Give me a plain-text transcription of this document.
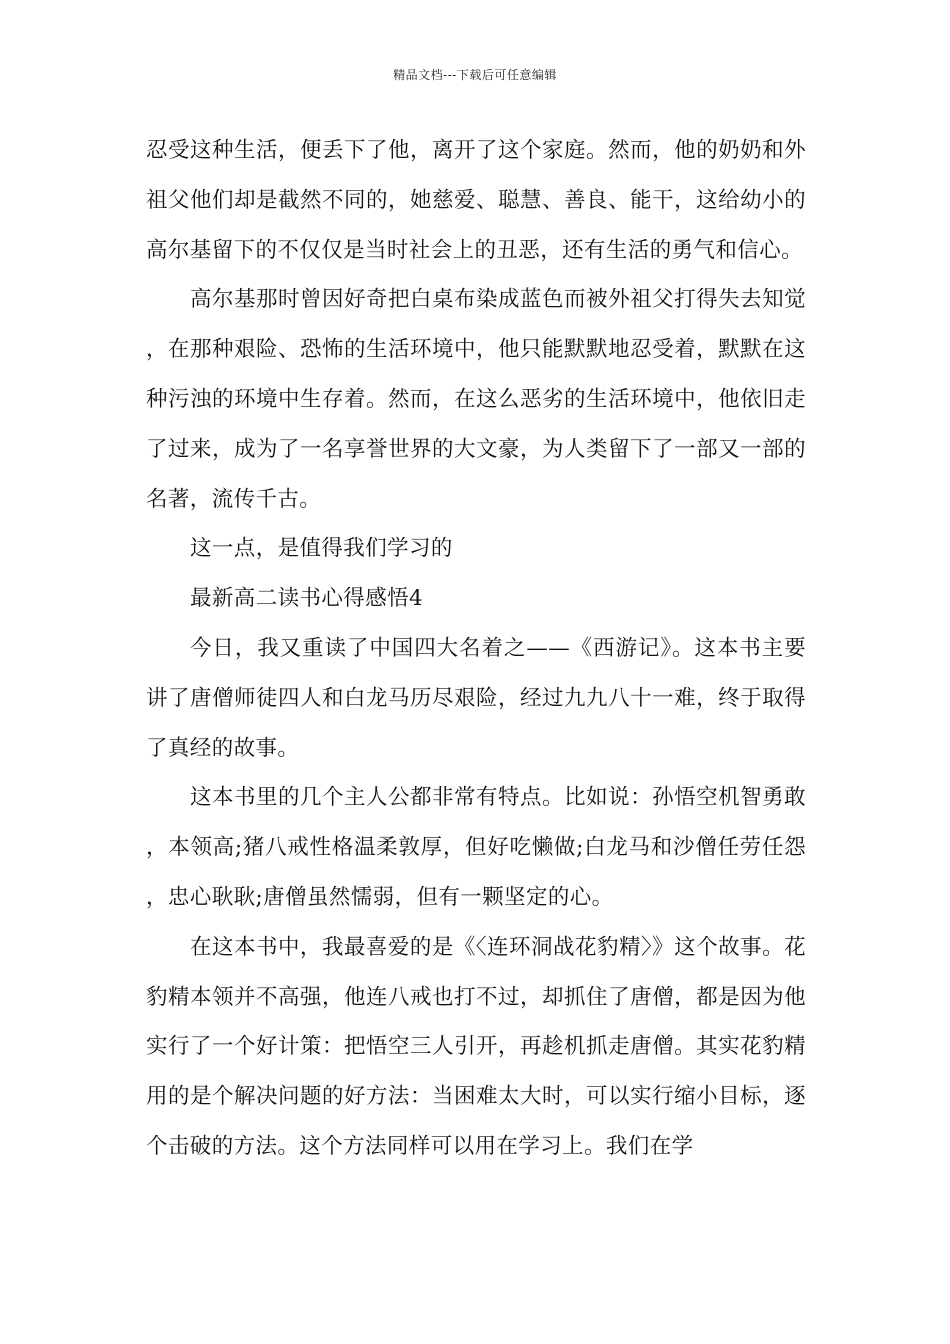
精品文档---下载后可任意编辑

忍受这种生活，便丢下了他，离开了这个家庭。然而，他的奶奶和外祖父他们却是截然不同的，她慈爱、聪慧、善良、能干，这给幼小的高尔基留下的不仅仅是当时社会上的丑恶，还有生活的勇气和信心。

高尔基那时曾因好奇把白桌布染成蓝色而被外祖父打得失去知觉，在那种艰险、恐怖的生活环境中，他只能默默地忍受着，默默在这种污浊的环境中生存着。然而，在这么恶劣的生活环境中，他依旧走了过来，成为了一名享誉世界的大文豪，为人类留下了一部又一部的名著，流传千古。

这一点，是值得我们学习的

最新高二读书心得感悟4

今日，我又重读了中国四大名着之——《西游记》。这本书主要讲了唐僧师徒四人和白龙马历尽艰险，经过九九八十一难，终于取得了真经的故事。

这本书里的几个主人公都非常有特点。比如说：孙悟空机智勇敢，本领高;猪八戒性格温柔敦厚，但好吃懒做;白龙马和沙僧任劳任怨，忠心耿耿;唐僧虽然懦弱，但有一颗坚定的心。

在这本书中，我最喜爱的是《〈连环洞战花豹精〉》这个故事。花豹精本领并不高强，他连八戒也打不过，却抓住了唐僧，都是因为他实行了一个好计策：把悟空三人引开，再趁机抓走唐僧。其实花豹精用的是个解决问题的好方法：当困难太大时，可以实行缩小目标，逐个击破的方法。这个方法同样可以用在学习上。我们在学
